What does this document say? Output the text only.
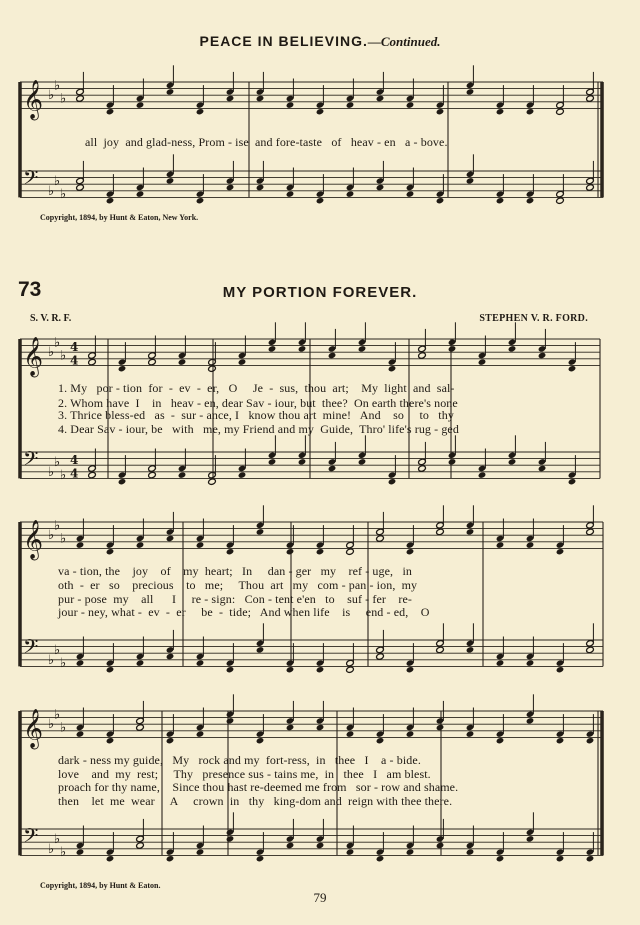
𝄞 ♭
♭
♭
𝄢 ♭
♭
♭
𝄞 ♭
♭
♭
4
4
𝄢 ♭
♭
♭
4
4
𝄞 ♭
♭
♭
𝄢 ♭
♭
♭
𝄞 ♭
♭
♭
𝄢 ♭
♭
♭
PEACE IN BELIEVING.—Continued.
all  joy  and glad-ness, Prom - ise  and fore-taste   of   heav - en   a - bove.
Copyright, 1894, by Hunt & Eaton, New York.
73	MY PORTION FOREVER.
S. V. R. F.	STEPHEN V. R. FORD.
1. My   por - tion  for  -  ev  -  er,   O     Je  -  sus,  thou  art;    My  light  and  sal-
2. Whom have  I    in   heav - en, dear Sav - iour, but  thee?  On earth there's none
3. Thrice bless-ed   as  -  sur - ance, I   know thou art  mine!   And    so     to   thy
4. Dear Sav - iour, be   with   me, my Friend and my  Guide,  Thro' life's rug - ged
va - tion, the    joy    of    my  heart;   In     dan - ger   my    ref - uge,   in
oth  -  er   so    precious    to   me;     Thou  art   my   com - pan - ion,  my
pur - pose  my    all      I     re - sign:   Con - tent e'en   to    suf - fer    re-
jour - ney, what -  ev  -  er     be  -  tide;   And when life    is     end - ed,    O
dark - ness my guide,   My   rock and my  fort-ress,  in   thee   I    a - bide.
love    and  my  rest;     Thy   presence sus - tains me,  in   thee   I   am blest.
proach for thy name,    Since thou hast re-deemed me from   sor - row and shame.
then    let  me  wear     A     crown  in   thy   king-dom and  reign with thee there.
Copyright, 1894, by Hunt & Eaton.
79
